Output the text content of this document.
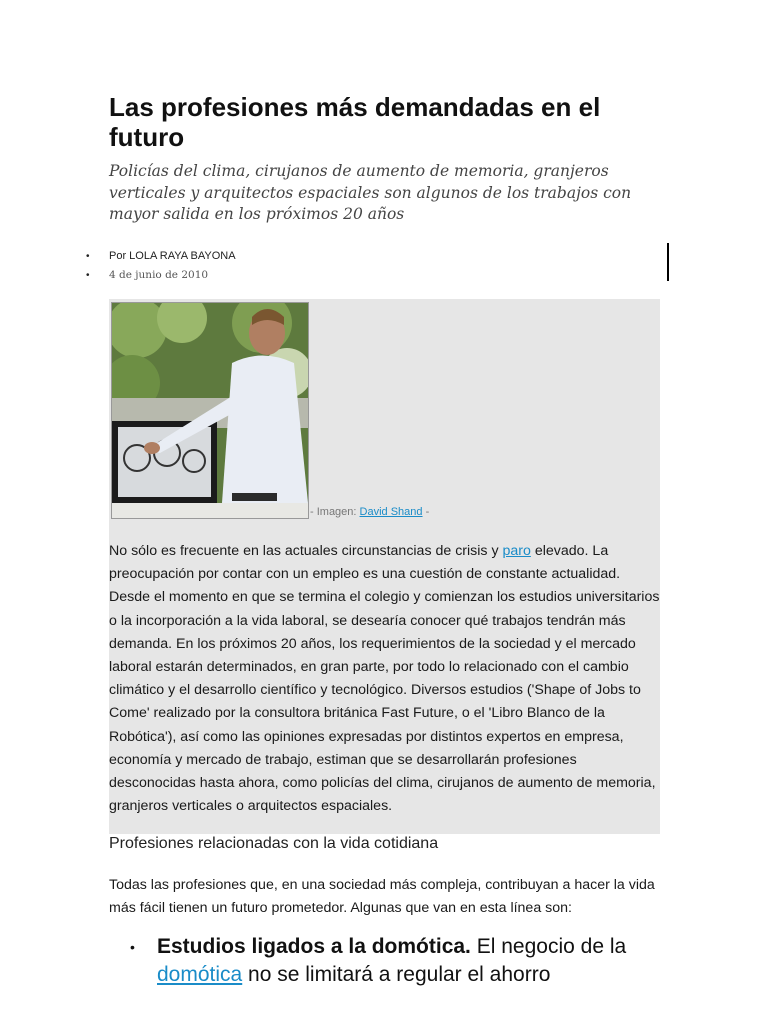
Las profesiones más demandadas en el futuro

Policías del clima, cirujanos de aumento de memoria, granjeros verticales y arquitectos espaciales son algunos de los trabajos con mayor salida en los próximos 20 años

• Por LOLA RAYA BAYONA
• 4 de junio de 2010
- Imagen: David Shand -

No sólo es frecuente en las actuales circunstancias de crisis y paro elevado. La preocupación por contar con un empleo es una cuestión de constante actualidad. Desde el momento en que se termina el colegio y comienzan los estudios universitarios o la incorporación a la vida laboral, se desearía conocer qué trabajos tendrán más demanda. En los próximos 20 años, los requerimientos de la sociedad y el mercado laboral estarán determinados, en gran parte, por todo lo relacionado con el cambio climático y el desarrollo científico y tecnológico. Diversos estudios ('Shape of Jobs to Come' realizado por la consultora británica Fast Future, o el 'Libro Blanco de la Robótica'), así como las opiniones expresadas por distintos expertos en empresa, economía y mercado de trabajo, estiman que se desarrollarán profesiones desconocidas hasta ahora, como policías del clima, cirujanos de aumento de memoria, granjeros verticales o arquitectos espaciales.

Profesiones relacionadas con la vida cotidiana

Todas las profesiones que, en una sociedad más compleja, contribuyan a hacer la vida más fácil tienen un futuro prometedor. Algunas que van en esta línea son:

• Estudios ligados a la domótica. El negocio de la domótica no se limitará a regular el ahorro
